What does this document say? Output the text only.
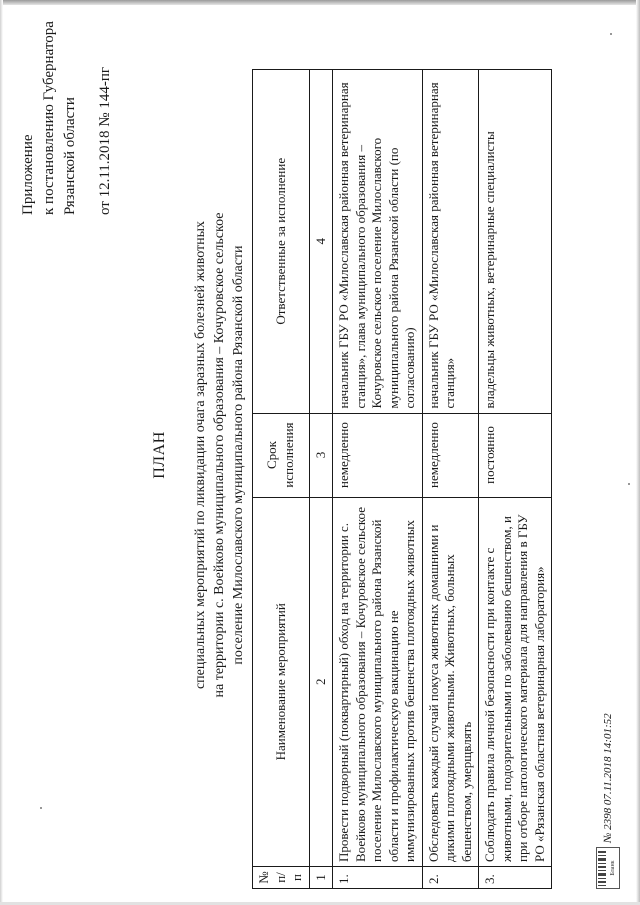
Приложение к постановлению Губернатора Рязанской области от 12.11.2018 № 144-пг
ПЛАН специальных мероприятий по ликвидации очага заразных болезней животных на территории с. Воейково муниципального образования – Кочуровское сельское поселение Милославского муниципального района Рязанской области
№ п/п	Наименование мероприятий	Срок исполнения	Ответственные за исполнение
1	2	3	4
1.	Провести подворный (поквартирный) обход на территории с. Воейково муниципального образования – Кочуровское сельское поселение Милославского муниципального района Рязанской области и профилактическую вакцинацию не иммунизированных против бешенства плотоядных животных	немедленно	начальник ГБУ РО «Милославская районная ветеринарная станция», глава муниципального образования – Кочуровское сельское поселение Милославского муниципального района Рязанской области (по согласованию)
2.	Обследовать каждый случай покуса животных домашними и дикими плотоядными животными. Животных, больных бешенством, умерщвлять	немедленно	начальник ГБУ РО «Милославская районная ветеринарная станция»
3.	Соблюдать правила личной безопасности при контакте с животными, подозрительными по заболеванию бешенством, и при отборе патологического материала для направления в ГБУ РО «Рязанская областная ветеринарная лаборатория»	постоянно	владельцы животных, ветеринарные специалисты
Бланк
№ 2398 07.11.2018 14:01:52
